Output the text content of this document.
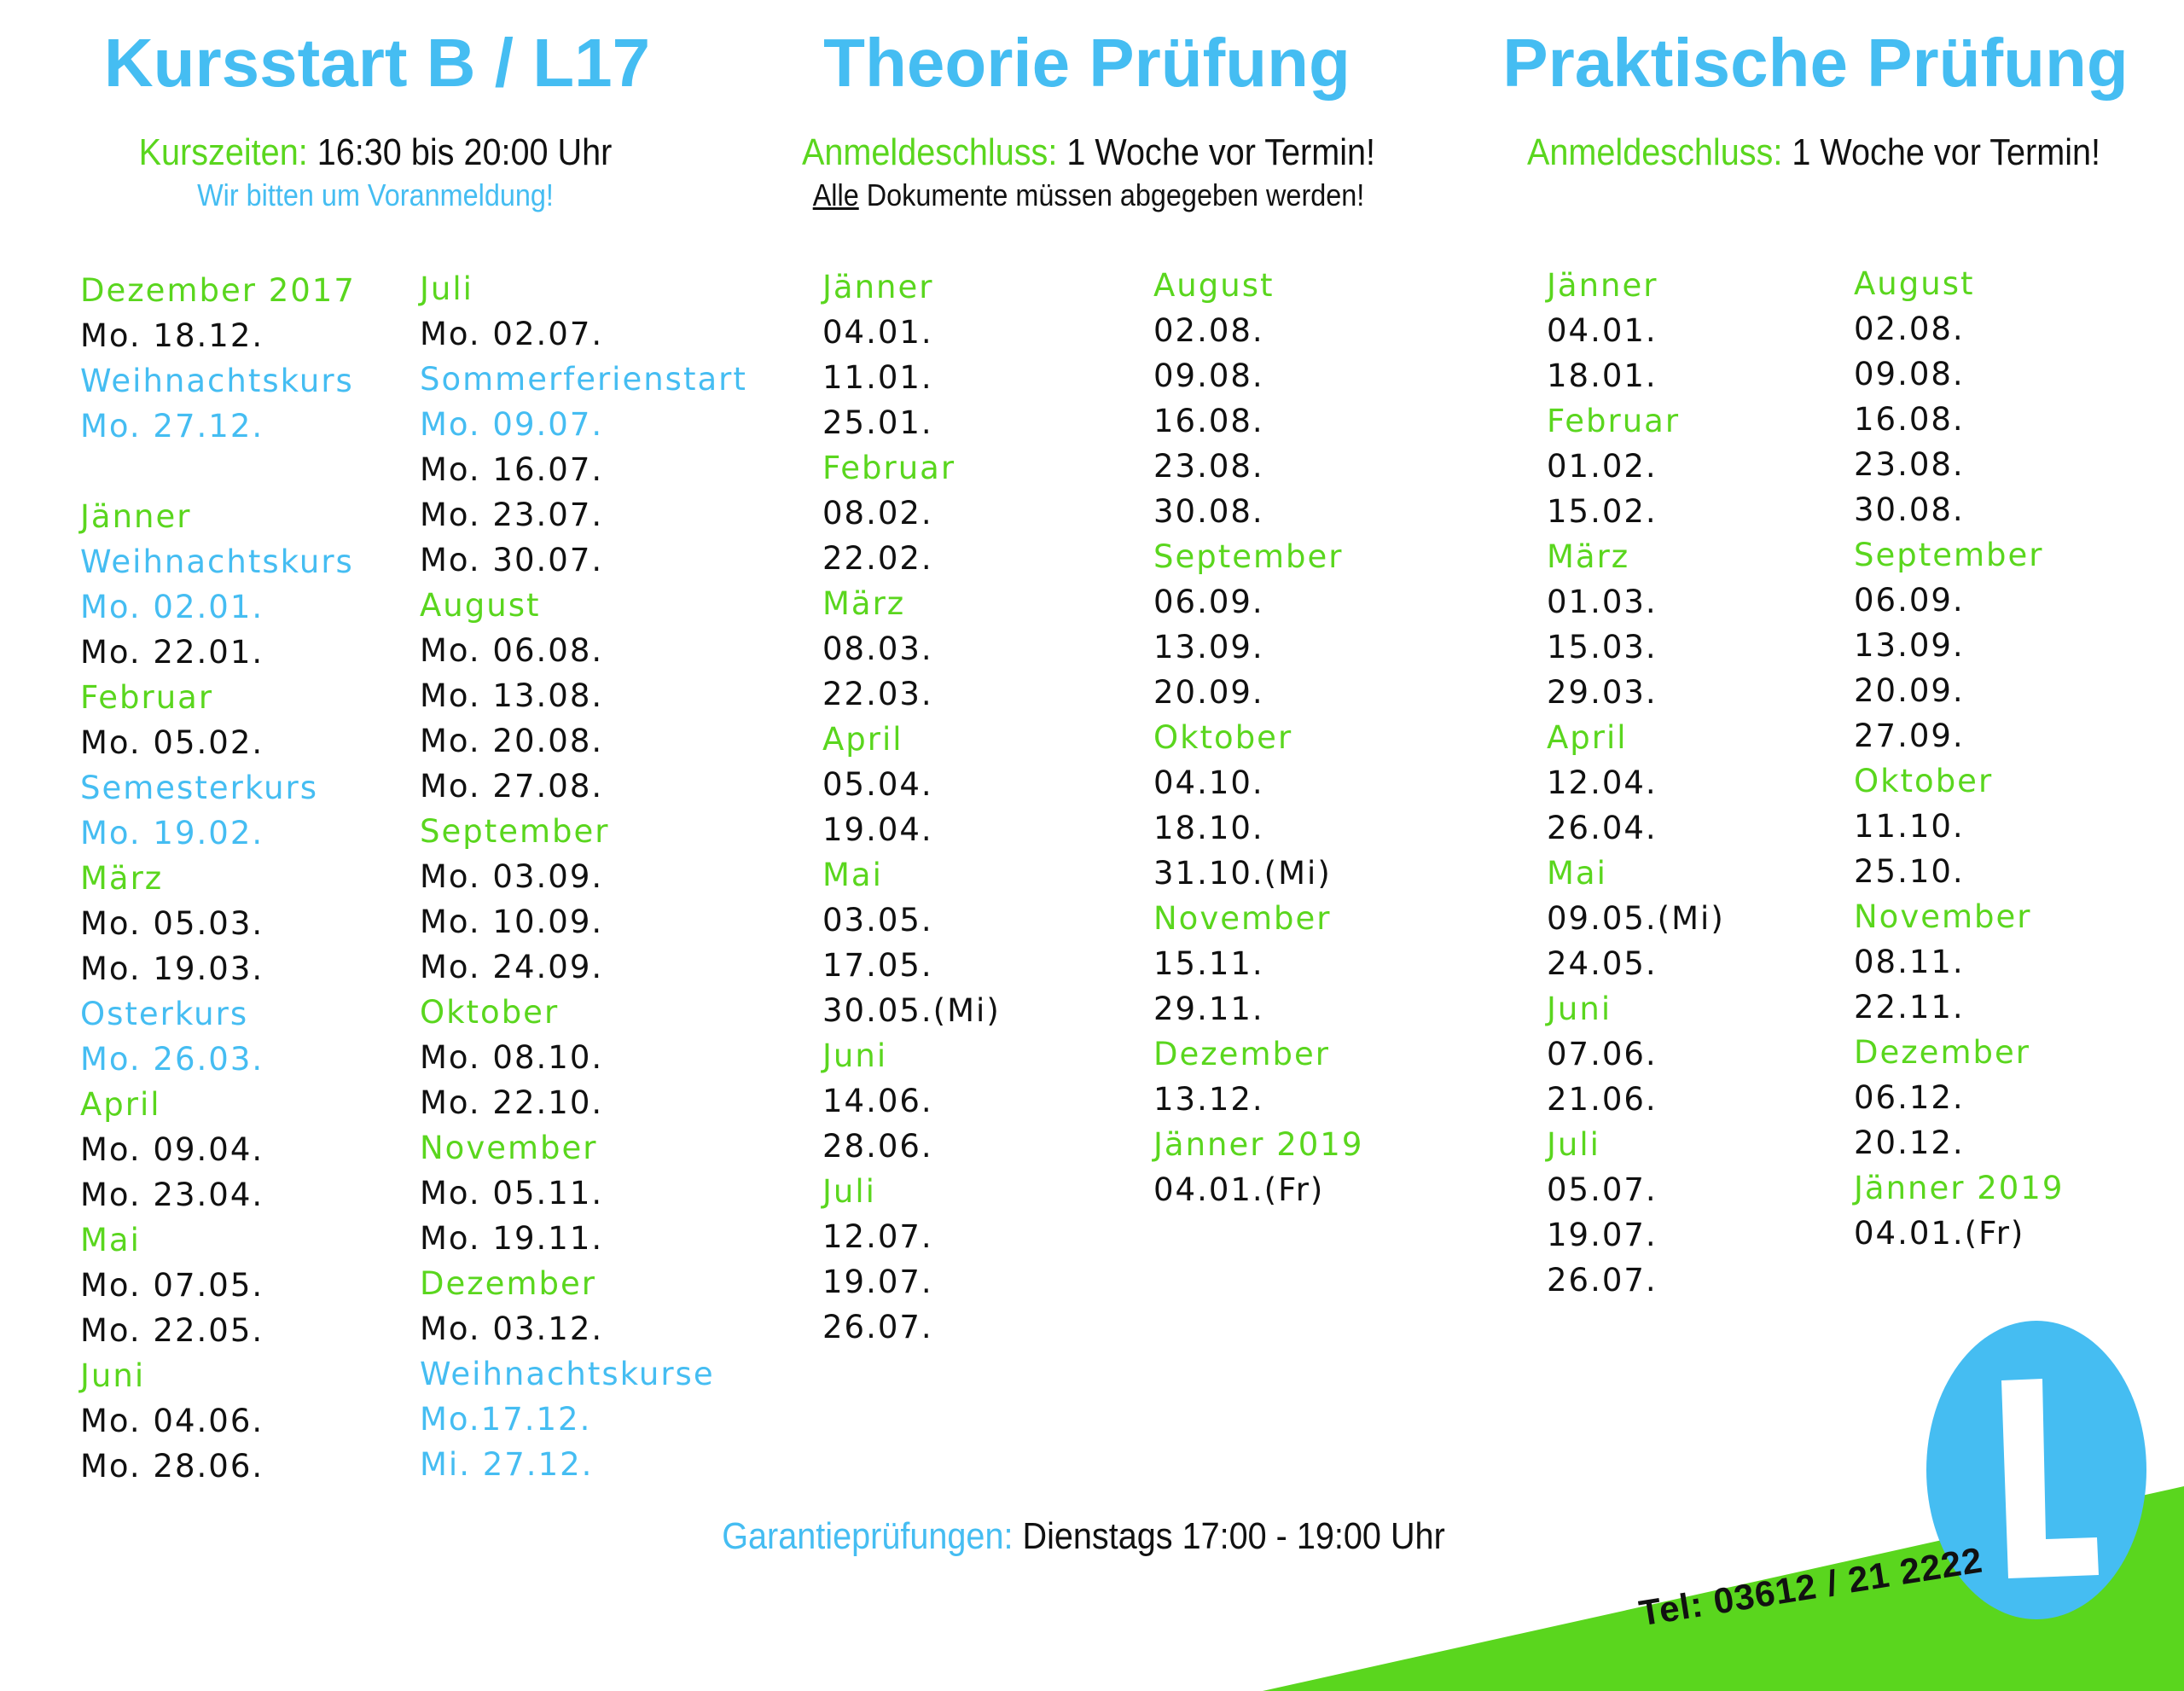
Kursstart B / L17	Theorie Prüfung Praktische Prüfung
Kurszeiten: 16:30 bis 20:00 Uhr
Wir bitten um Voranmeldung!
Anmeldeschluss: 1 Woche vor Termin!
Alle Dokumente müssen abgegeben werden!
Anmeldeschluss: 1 Woche vor Termin!
Dezember 2017
Mo. 18.12.
Weihnachtskurs
Mo. 27.12.
Jänner
Weihnachtskurs
Mo. 02.01.
Mo. 22.01.
Februar
Mo. 05.02.
Semesterkurs
Mo. 19.02.
März
Mo. 05.03.
Mo. 19.03.
Osterkurs
Mo. 26.03.
April
Mo. 09.04.
Mo. 23.04.
Mai
Mo. 07.05.
Mo. 22.05.
Juni
Mo. 04.06.
Mo. 28.06.
Juli
Mo. 02.07.
Sommerferienstart
Mo. 09.07.
Mo. 16.07.
Mo. 23.07.
Mo. 30.07.
August
Mo. 06.08.
Mo. 13.08.
Mo. 20.08.
Mo. 27.08.
September
Mo. 03.09.
Mo. 10.09.
Mo. 24.09.
Oktober
Mo. 08.10.
Mo. 22.10.
November
Mo. 05.11.
Mo. 19.11.
Dezember
Mo. 03.12.
Weihnachtskurse
Mo.17.12.
Mi. 27.12.
Jänner
04.01.
11.01.
25.01.
Februar
08.02.
22.02.
März
08.03.
22.03.
April
05.04.
19.04.
Mai
03.05.
17.05.
30.05.(Mi)
Juni
14.06.
28.06.
Juli
12.07.
19.07.
26.07.
August
02.08.
09.08.
16.08.
23.08.
30.08.
September
06.09.
13.09.
20.09.
Oktober
04.10.
18.10.
31.10.(Mi)
November
15.11.
29.11.
Dezember
13.12.
Jänner 2019
04.01.(Fr)
Jänner
04.01.
18.01.
Februar
01.02.
15.02.
März
01.03.
15.03.
29.03.
April
12.04.
26.04.
Mai
09.05.(Mi)
24.05.
Juni
07.06.
21.06.
Juli
05.07.
19.07.
26.07.
August
02.08.
09.08.
16.08.
23.08.
30.08.
September
06.09.
13.09.
20.09.
27.09.
Oktober
11.10.
25.10.
November
08.11.
22.11.
Dezember
06.12.
20.12.
Jänner 2019
04.01.(Fr)
Garantieprüfungen: Dienstags 17:00 - 19:00 Uhr
Tel: 03612 / 21 2222
